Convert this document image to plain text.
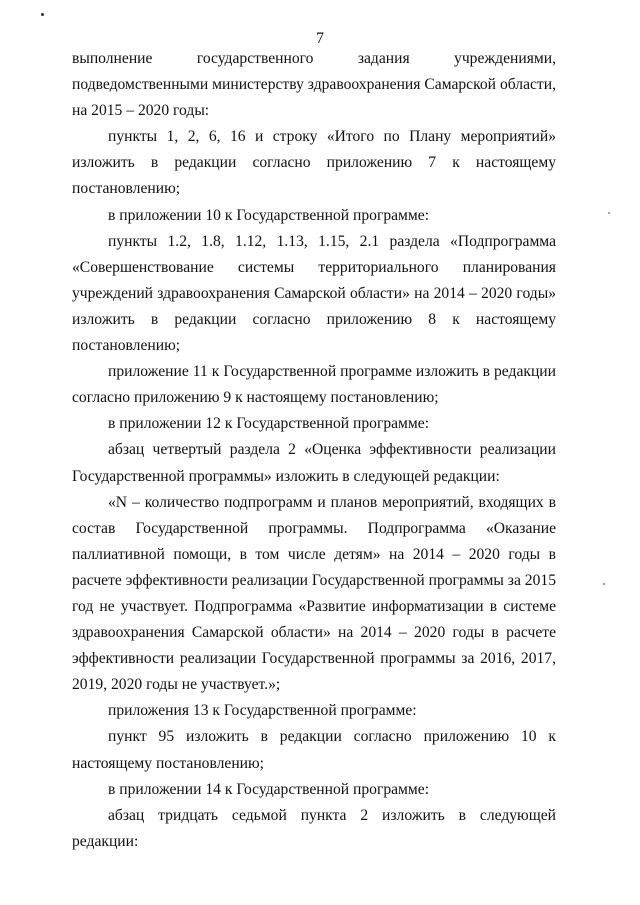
7

выполнение государственного задания учреждениями, подведомственными министерству здравоохранения Самарской области, на 2015 – 2020 годы:

пункты 1, 2, 6, 16 и строку «Итого по Плану мероприятий» изложить в редакции согласно приложению 7 к настоящему постановлению;

в приложении 10 к Государственной программе:

пункты 1.2, 1.8, 1.12, 1.13, 1.15, 2.1 раздела «Подпрограмма «Совершенствование системы территориального планирования учреждений здравоохранения Самарской области» на 2014 – 2020 годы» изложить в редакции согласно приложению 8 к настоящему постановлению;

приложение 11 к Государственной программе изложить в редакции согласно приложению 9 к настоящему постановлению;

в приложении 12 к Государственной программе:

абзац четвертый раздела 2 «Оценка эффективности реализации Государственной программы» изложить в следующей редакции:

«N – количество подпрограмм и планов мероприятий, входящих в состав Государственной программы. Подпрограмма «Оказание паллиативной помощи, в том числе детям» на 2014 – 2020 годы в расчете эффективности реализации Государственной программы за 2015 год не участвует. Подпрограмма «Развитие информатизации в системе здравоохранения Самарской области» на 2014 – 2020 годы в расчете эффективности реализации Государственной программы за 2016, 2017, 2019, 2020 годы не участвует.»;

приложения 13 к Государственной программе:

пункт 95 изложить в редакции согласно приложению 10 к настоящему постановлению;

в приложении 14 к Государственной программе:

абзац тридцать седьмой пункта 2 изложить в следующей редакции:
